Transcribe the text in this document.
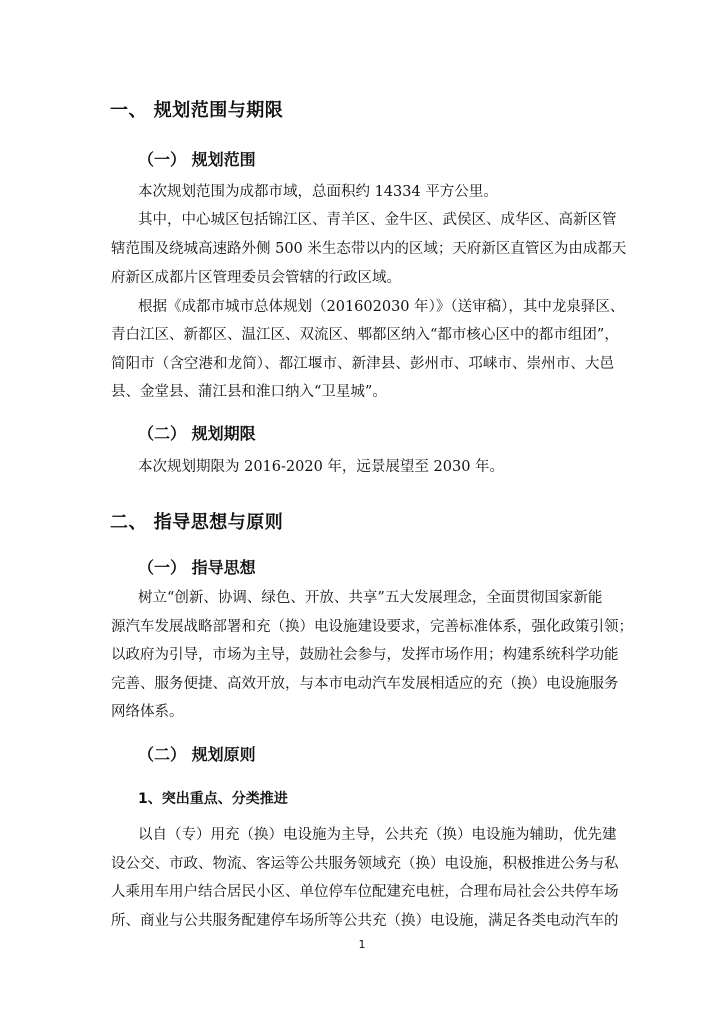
一、 规划范围与期限
（一） 规划范围
本次规划范围为成都市域，总面积约 14334 平方公里。
其中，中心城区包括锦江区、青羊区、金牛区、武侯区、成华区、高新区管
辖范围及绕城高速路外侧 500 米生态带以内的区域；天府新区直管区为由成都天
府新区成都片区管理委员会管辖的行政区域。
根据《成都市城市总体规划（201602030 年）》（送审稿），其中龙泉驿区、
青白江区、新都区、温江区、双流区、郫都区纳入“都市核心区中的都市组团”，
简阳市（含空港和龙简）、都江堰市、新津县、彭州市、邛崃市、崇州市、大邑
县、金堂县、蒲江县和淮口纳入“卫星城”。
（二） 规划期限
本次规划期限为 2016-2020 年，远景展望至 2030 年。
二、 指导思想与原则
（一） 指导思想
树立“创新、协调、绿色、开放、共享”五大发展理念，全面贯彻国家新能
源汽车发展战略部署和充（换）电设施建设要求，完善标准体系，强化政策引领；
以政府为引导，市场为主导，鼓励社会参与，发挥市场作用；构建系统科学功能
完善、服务便捷、高效开放，与本市电动汽车发展相适应的充（换）电设施服务
网络体系。
（二） 规划原则
1、突出重点、分类推进
以自（专）用充（换）电设施为主导，公共充（换）电设施为辅助，优先建
设公交、市政、物流、客运等公共服务领域充（换）电设施，积极推进公务与私
人乘用车用户结合居民小区、单位停车位配建充电桩，合理布局社会公共停车场
所、商业与公共服务配建停车场所等公共充（换）电设施，满足各类电动汽车的
1
